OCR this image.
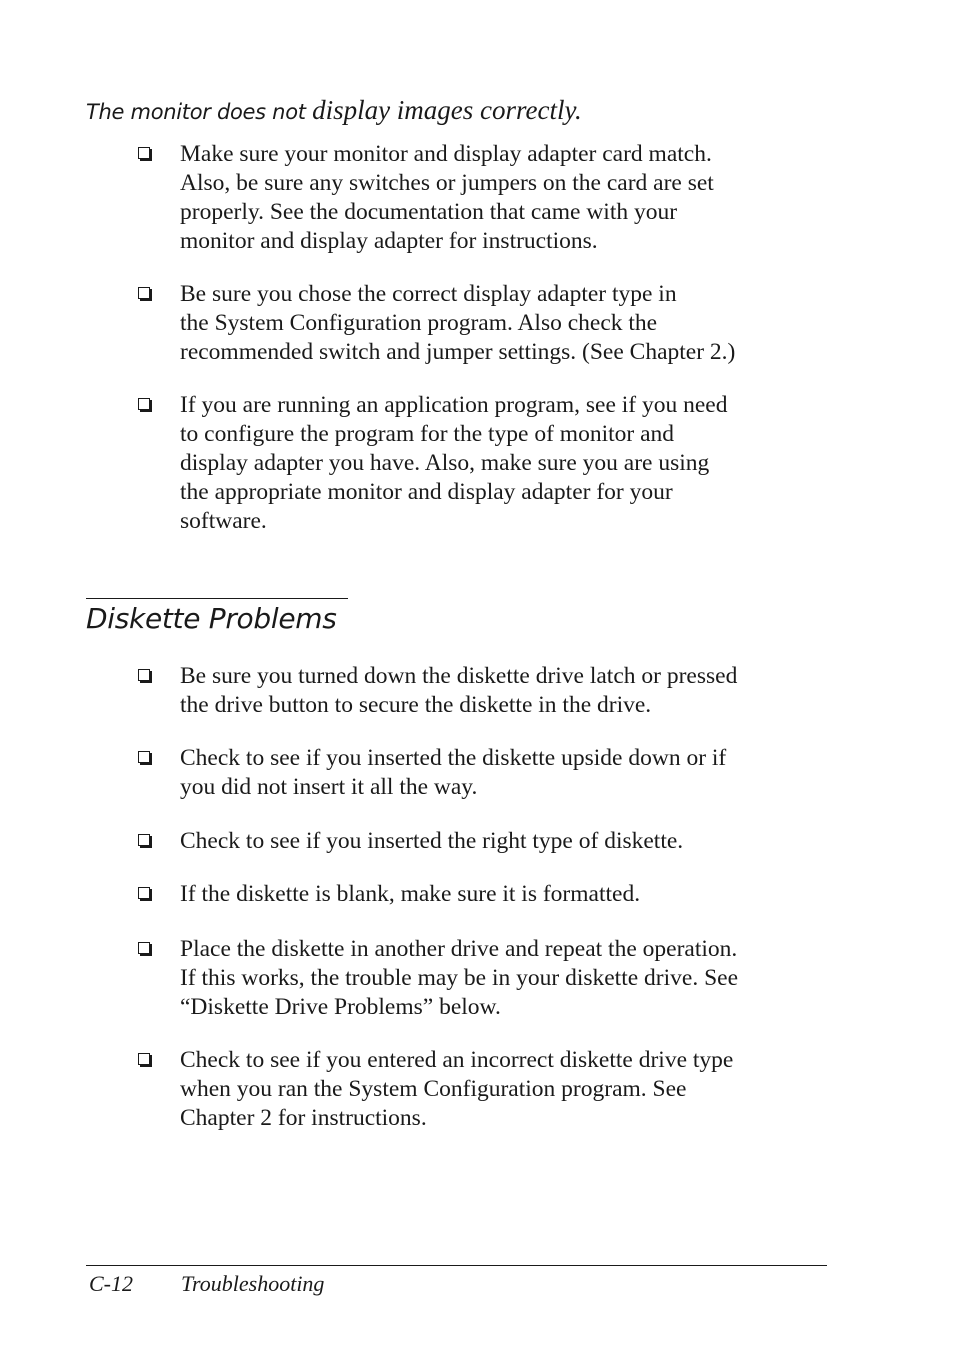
The monitor does not display images correctly.
Make sure your monitor and display adapter card match.
Also, be sure any switches or jumpers on the card are set
properly. See the documentation that came with your
monitor and display adapter for instructions.
Be sure you chose the correct display adapter type in
the System Configuration program. Also check the
recommended switch and jumper settings. (See Chapter 2.)
If you are running an application program, see if you need
to configure the program for the type of monitor and
display adapter you have. Also, make sure you are using
the appropriate monitor and display adapter for your
software.
Diskette Problems
Be sure you turned down the diskette drive latch or pressed
the drive button to secure the diskette in the drive.
Check to see if you inserted the diskette upside down or if
you did not insert it all the way.
Check to see if you inserted the right type of diskette.
If the diskette is blank, make sure it is formatted.
Place the diskette in another drive and repeat the operation.
If this works, the trouble may be in your diskette drive. See
“Diskette Drive Problems” below.
Check to see if you entered an incorrect diskette drive type
when you ran the System Configuration program. See
Chapter 2 for instructions.
C-12 Troubleshooting
